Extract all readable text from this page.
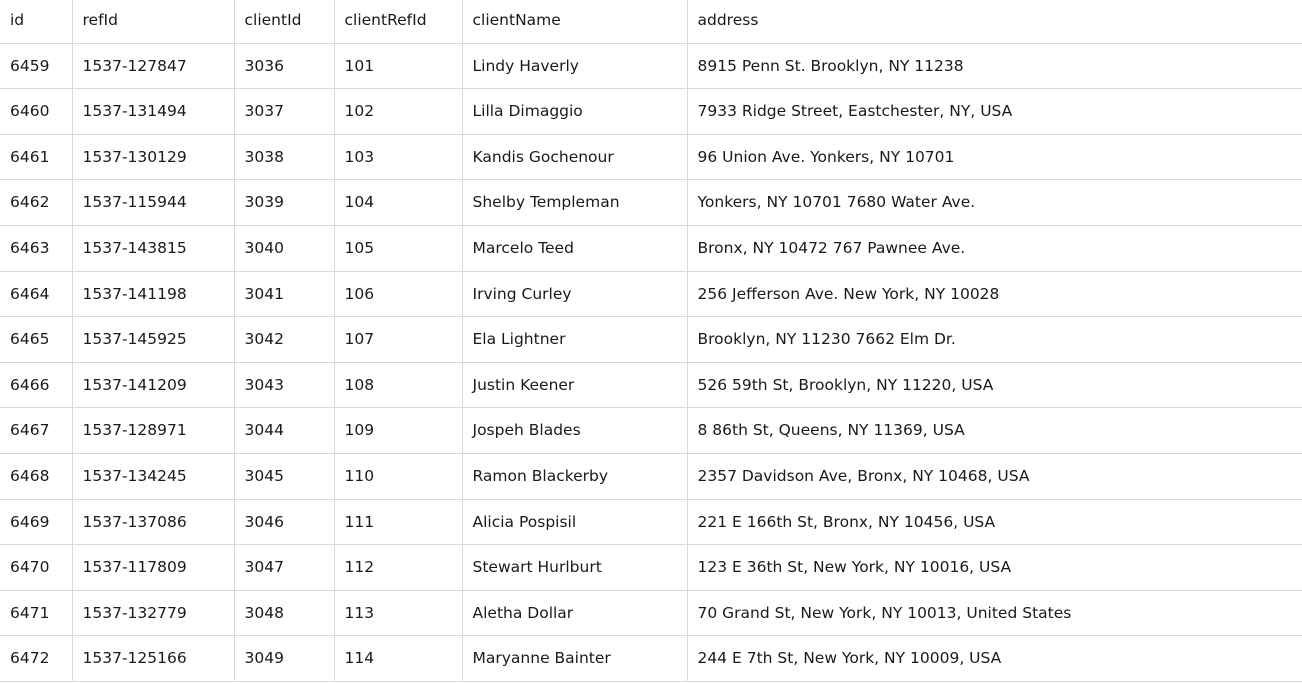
id	refId	clientId	clientRefId	clientName	address
6459	1537-127847	3036	101	Lindy Haverly	8915 Penn St. Brooklyn, NY 11238
6460	1537-131494	3037	102	Lilla Dimaggio	7933 Ridge Street, Eastchester, NY, USA
6461	1537-130129	3038	103	Kandis Gochenour	96 Union Ave. Yonkers, NY 10701
6462	1537-115944	3039	104	Shelby Templeman	Yonkers, NY 10701 7680 Water Ave.
6463	1537-143815	3040	105	Marcelo Teed	Bronx, NY 10472 767 Pawnee Ave.
6464	1537-141198	3041	106	Irving Curley	256 Jefferson Ave. New York, NY 10028
6465	1537-145925	3042	107	Ela Lightner	Brooklyn, NY 11230 7662 Elm Dr.
6466	1537-141209	3043	108	Justin Keener	526 59th St, Brooklyn, NY 11220, USA
6467	1537-128971	3044	109	Jospeh Blades	8 86th St, Queens, NY 11369, USA
6468	1537-134245	3045	110	Ramon Blackerby	2357 Davidson Ave, Bronx, NY 10468, USA
6469	1537-137086	3046	111	Alicia Pospisil	221 E 166th St, Bronx, NY 10456, USA
6470	1537-117809	3047	112	Stewart Hurlburt	123 E 36th St, New York, NY 10016, USA
6471	1537-132779	3048	113	Aletha Dollar	70 Grand St, New York, NY 10013, United States
6472	1537-125166	3049	114	Maryanne Bainter	244 E 7th St, New York, NY 10009, USA
